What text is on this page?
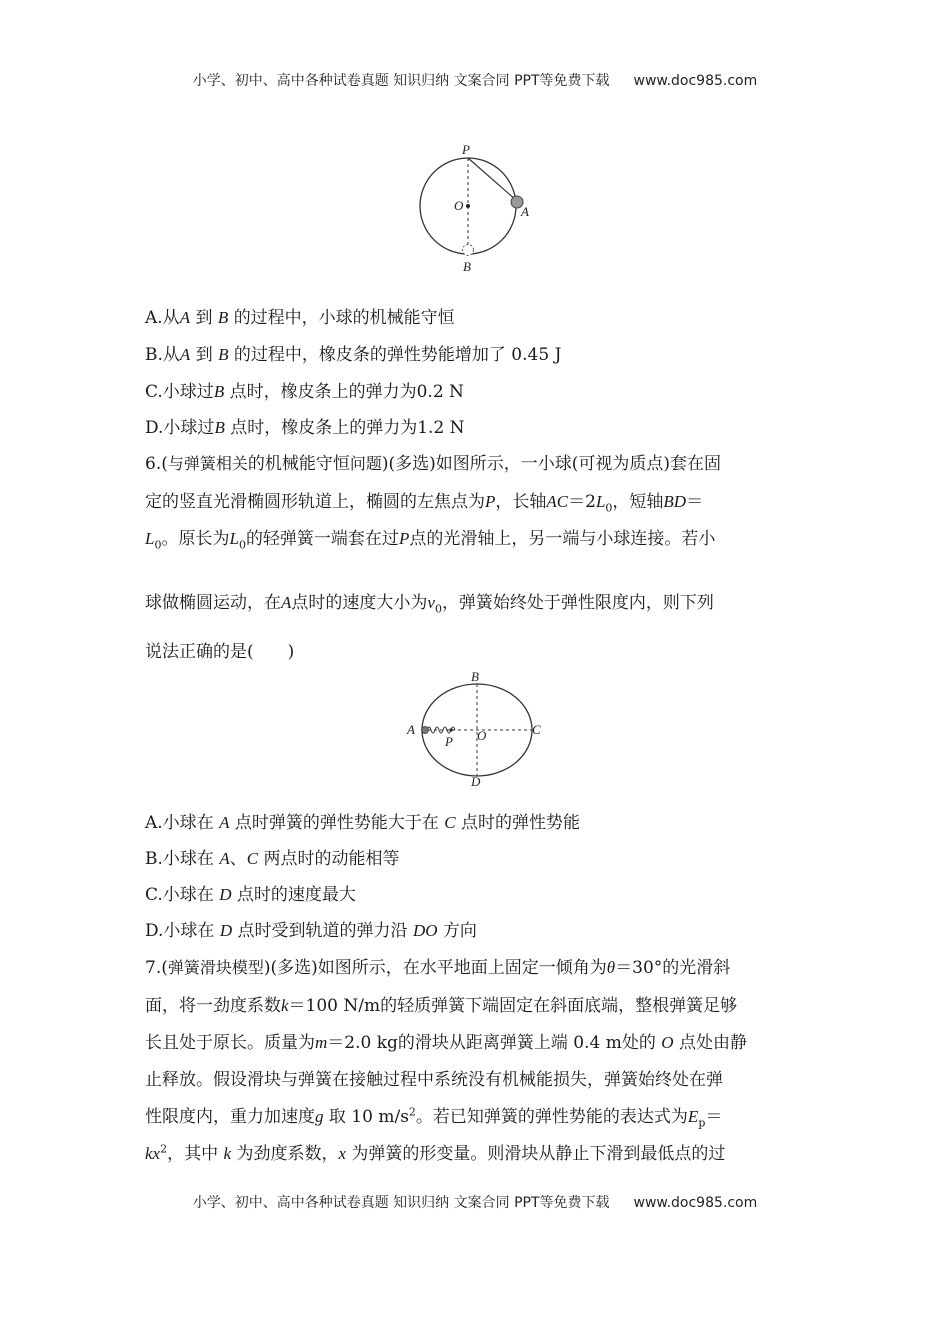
小学、初中、高中各种试卷真题 知识归纳 文案合同 PPT等免费下载 www.doc985.com
P
O	A
B
A.从A 到 B 的过程中，小球的机械能守恒
B.从A 到 B 的过程中，橡皮条的弹性势能增加了 0.45 J
C.小球过B 点时，橡皮条上的弹力为0.2 N
D.小球过B 点时，橡皮条上的弹力为1.2 N
6.(与弹簧相关的机械能守恒问题)(多选)如图所示，一小球(可视为质点)套在固
定的竖直光滑椭圆形轨道上，椭圆的左焦点为P，长轴$AC=2L_0$，短轴BD＝
$L_0$。原长为$L_0$的轻弹簧一端套在过P点的光滑轴上，另一端与小球连接。若小
球做椭圆运动，在A点时的速度大小为$v_0$，弹簧始终处于弹性限度内，则下列
说法正确的是(　　)
B
A
P O	C
D
A.小球在 A 点时弹簧的弹性势能大于在 C 点时的弹性势能
B.小球在 A、C 两点时的动能相等
C.小球在 D 点时的速度最大
D.小球在 D 点时受到轨道的弹力沿 DO 方向
7.(弹簧滑块模型)(多选)如图所示，在水平地面上固定一倾角为θ＝30°的光滑斜
面，将一劲度系数k＝100 N/m的轻质弹簧下端固定在斜面底端，整根弹簧足够
长且处于原长。质量为m＝2.0 kg的滑块从距离弹簧上端 0.4 m处的 O 点处由静
止释放。假设滑块与弹簧在接触过程中系统没有机械能损失，弹簧始终处在弹
性限度内，重力加速度g 取 10 $m/s^2$。若已知弹簧的弹性势能的表达式为$E_p=$
$kx^2$，其中 k 为劲度系数，x 为弹簧的形变量。则滑块从静止下滑到最低点的过
小学、初中、高中各种试卷真题 知识归纳 文案合同 PPT等免费下载 www.doc985.com
